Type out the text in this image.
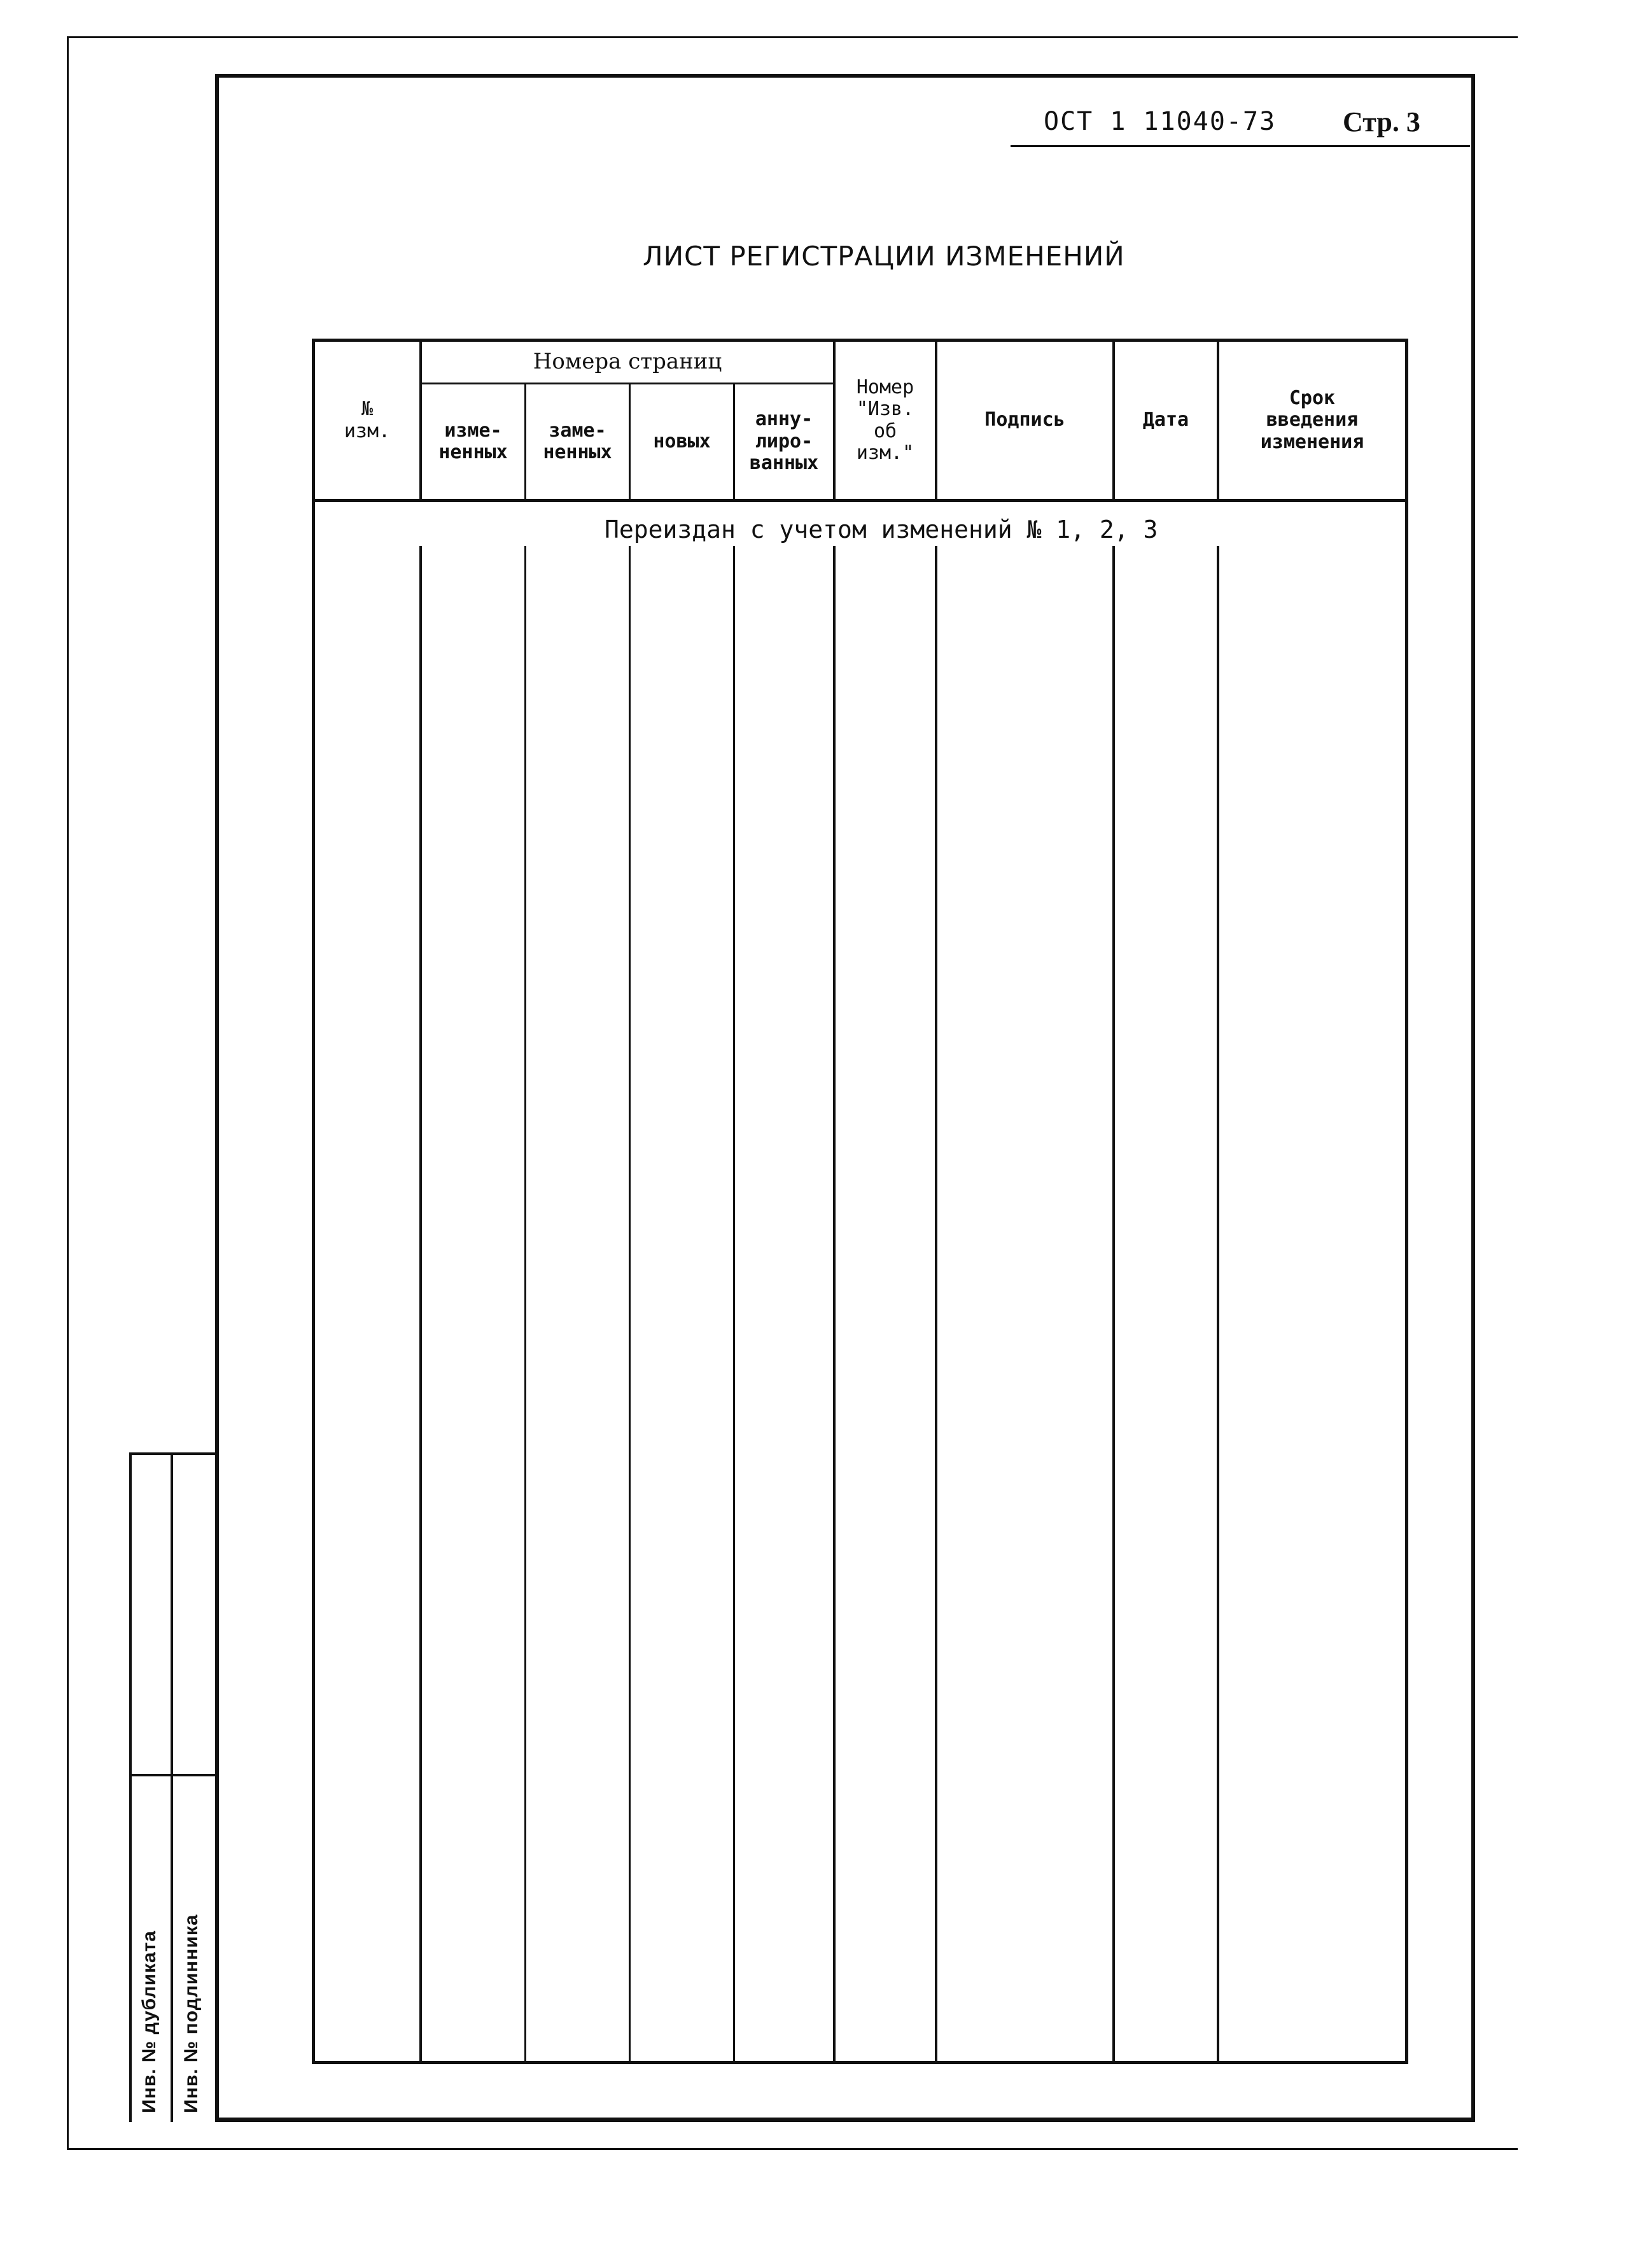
ОСТ 1 11040-73 Стр. 3
ЛИСТ РЕГИСТРАЦИИ ИЗМЕНЕНИЙ
№
изм.
Номера страниц
изме-
ненных
заме-
ненных	новых
анну-
лиро-
ванных
Номер
"Изв.
об
изм."
Подпись	Дата
Срок
введения
изменения
Переиздан с учетом изменений № 1, 2, 3
Инв. № дубликата Инв. № подлинника
